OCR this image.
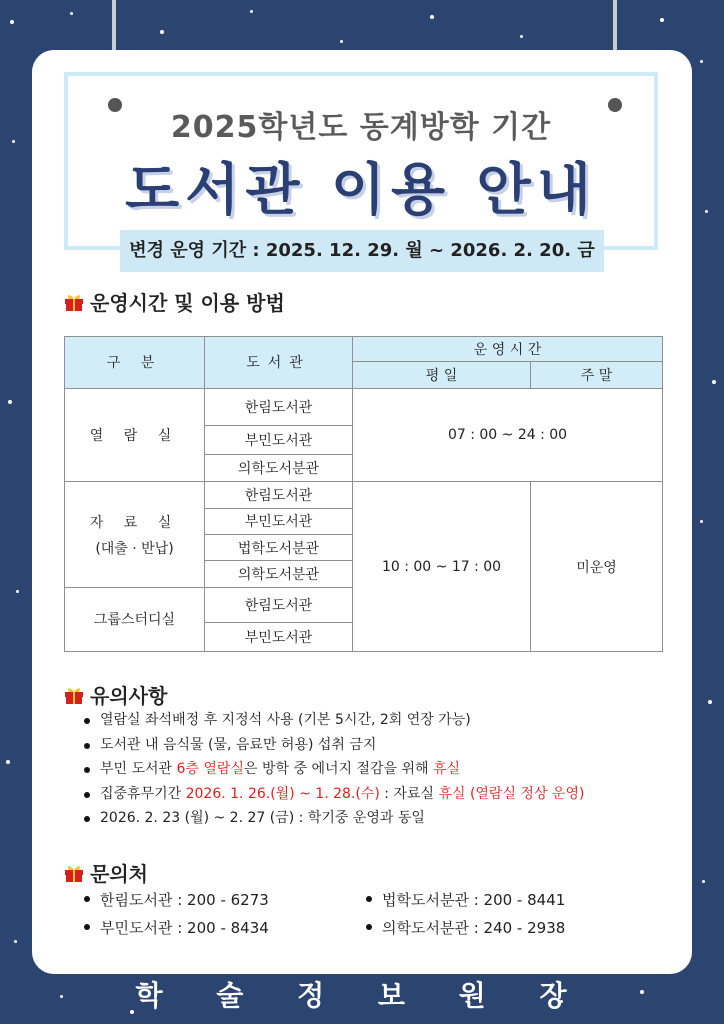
2025학년도 동계방학 기간
도서관 이용 안내
변경 운영 기간 : 2025. 12. 29. 월 ~ 2026. 2. 20. 금
운영시간 및 이용 방법
구 분	도서관	운 영 시 간	
		평 일	주 말
열 람 실	한림도서관	07 : 00 ~ 24 : 00	
	부민도서관		
	의학도서분관		

자 료 실
(대출 · 반납)	한림도서관	10 : 00 ~ 17 : 00	미운영
	부민도서관		
	법학도서분관		
	의학도서분관		
그룹스터디실	한림도서관		
	부민도서관		
유의사항
열람실 좌석배정 후 지정석 사용 (기본 5시간, 2회 연장 가능)
도서관 내 음식물 (물, 음료만 허용) 섭취 금지
부민 도서관 6층 열람실은 방학 중 에너지 절감을 위해 휴실
집중휴무기간 2026. 1. 26.(월) ~ 1. 28.(수) : 자료실 휴실 (열람실 정상 운영)
2026. 2. 23 (월) ~ 2. 27 (금) : 학기중 운영과 동일
문의처
한림도서관 : 200 - 6273
부민도서관 : 200 - 8434
법학도서분관 : 200 - 8441
의학도서분관 : 240 - 2938
학 술 정 보 원 장
